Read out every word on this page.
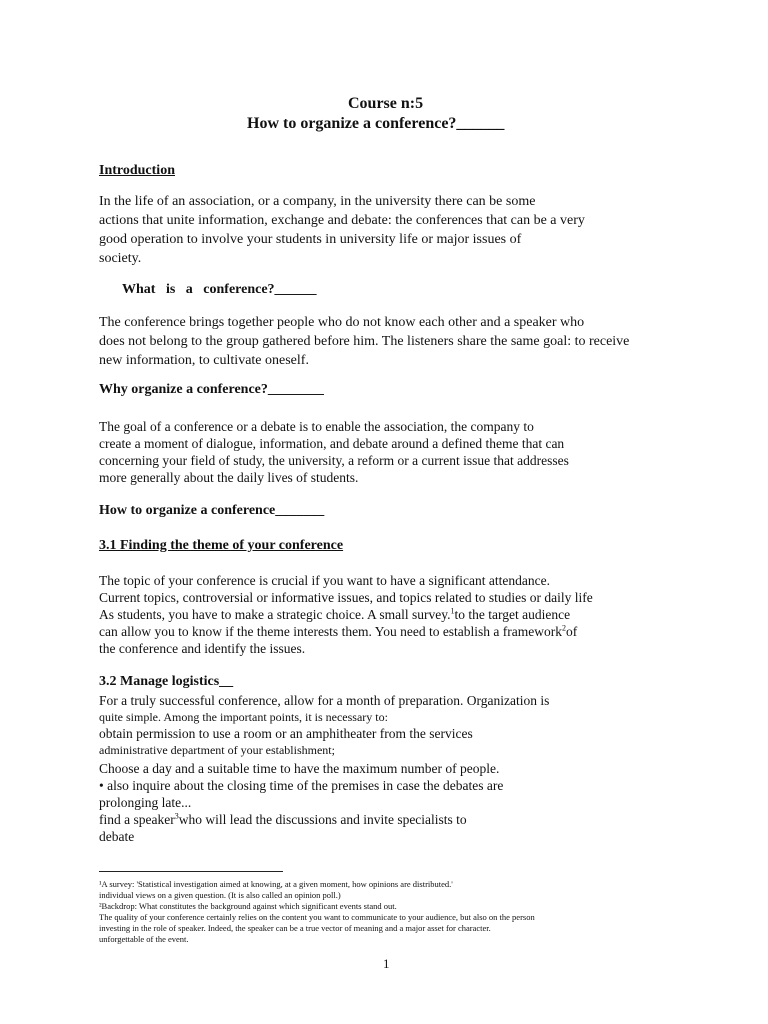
Course n:5
How to organize a conference?______
Introduction
In the life of an association, or a company, in the university there can be some
actions that unite information, exchange and debate: the conferences that can be a very
good operation to involve your students in university life or major issues of
society.
What   is   a   conference?______
The conference brings together people who do not know each other and a speaker who
does not belong to the group gathered before him. The listeners share the same goal: to receive
new information, to cultivate oneself.
Why organize a conference?________
The goal of a conference or a debate is to enable the association, the company to
create a moment of dialogue, information, and debate around a defined theme that can
concerning your field of study, the university, a reform or a current issue that addresses
more generally about the daily lives of students.
How to organize a conference_______
3.1 Finding the theme of your conference
The topic of your conference is crucial if you want to have a significant attendance.
Current topics, controversial or informative issues, and topics related to studies or daily life
As students, you have to make a strategic choice. A small survey.$^1$to the target audience
can allow you to know if the theme interests them. You need to establish a framework$^2$of
the conference and identify the issues.
3.2 Manage logistics__
For a truly successful conference, allow for a month of preparation. Organization is
quite simple. Among the important points, it is necessary to:
obtain permission to use a room or an amphitheater from the services
administrative department of your establishment;
Choose a day and a suitable time to have the maximum number of people.
• also inquire about the closing time of the premises in case the debates are
prolonging late...
find a speaker$^3$who will lead the discussions and invite specialists to
debate
¹A survey: 'Statistical investigation aimed at knowing, at a given moment, how opinions are distributed.'
individual views on a given question. (It is also called an opinion poll.)
²Backdrop: What constitutes the background against which significant events stand out.
The quality of your conference certainly relies on the content you want to communicate to your audience, but also on the person
investing in the role of speaker. Indeed, the speaker can be a true vector of meaning and a major asset for character.
unforgettable of the event.
1
